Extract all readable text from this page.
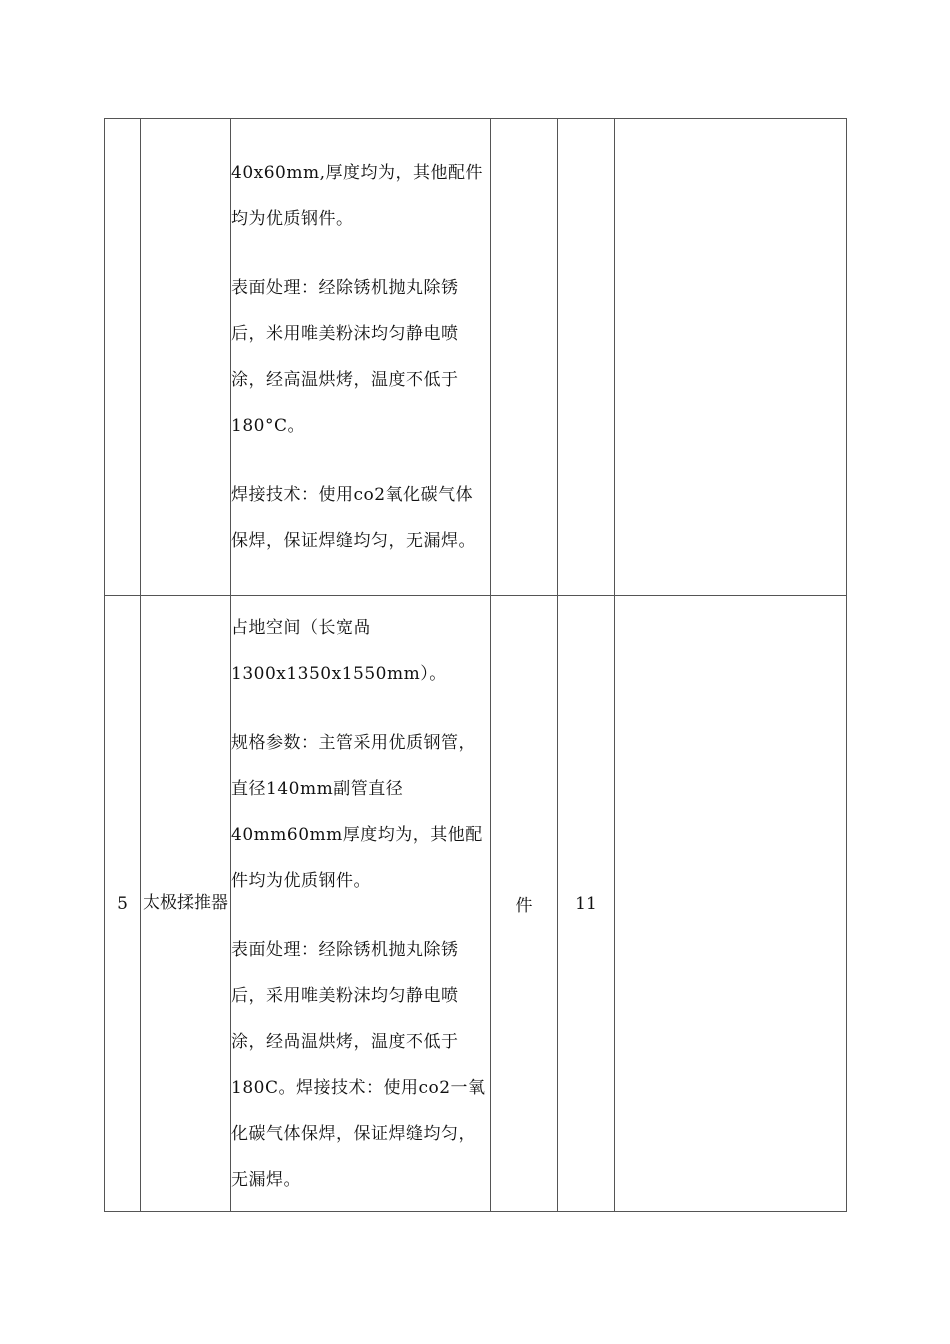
		40x60mm,厚度均为，其他配件均为优质钢件。

表面处理：经除锈机抛丸除锈后，米用唯美粉沫均匀静电喷涂，经高温烘烤，温度不低于180°C。

焊接技术：使用co2氧化碳气体保焊，保证焊缝均匀，无漏焊。			

5	太极揉推器	占地空间（长宽咼1300x1350x1550mm）。

规格参数：主管采用优质钢管，直径140mm副管直径40mm60mm厚度均为，其他配件均为优质钢件。

表面处理：经除锈机抛丸除锈后，采用唯美粉沫均匀静电喷涂，经咼温烘烤，温度不低于180C。焊接技术：使用co2一氧化碳气体保焊，保证焊缝均匀，无漏焊。	件	11	
